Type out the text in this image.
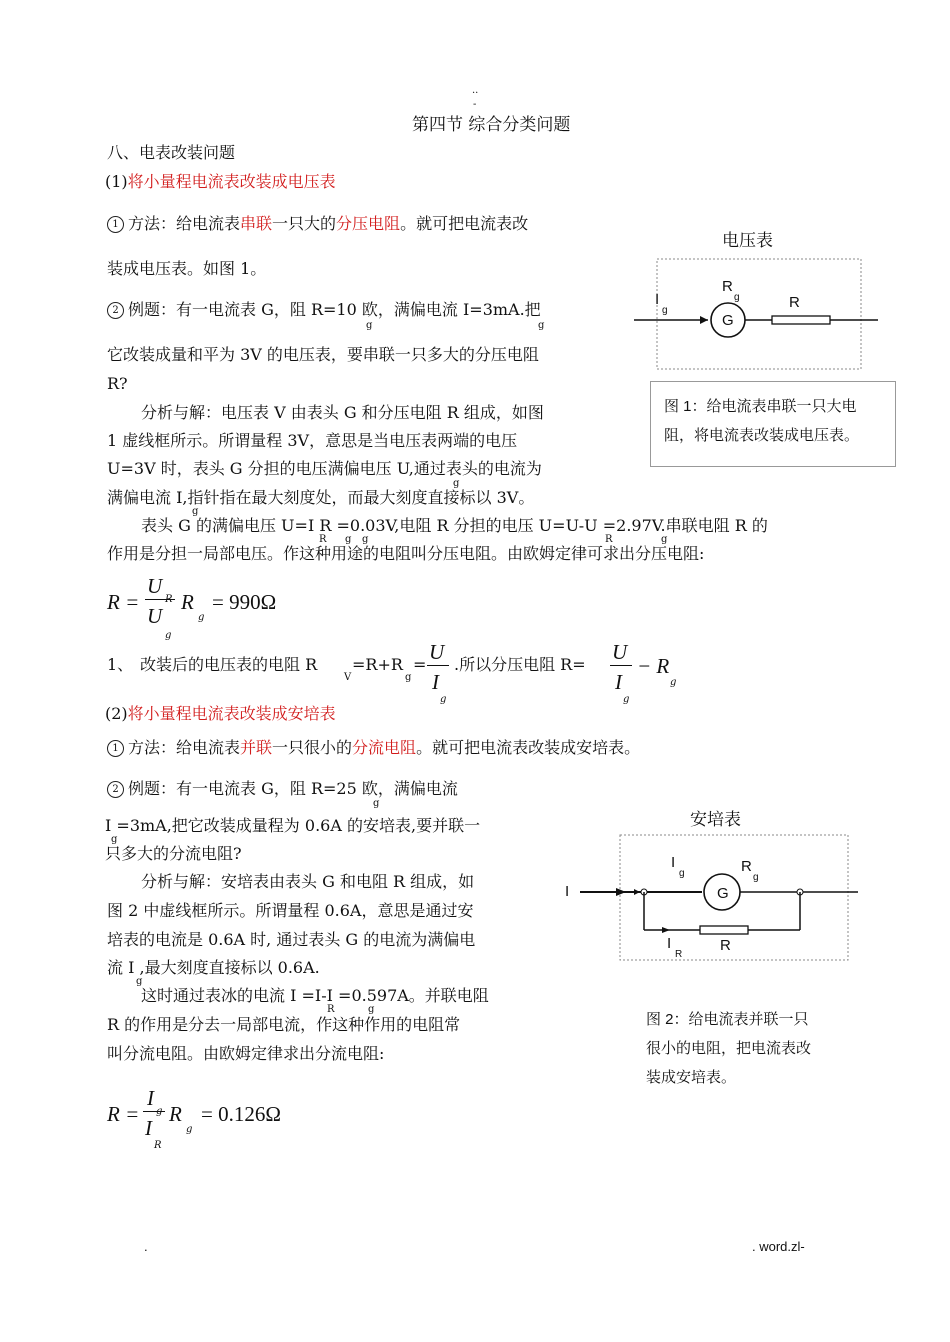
..
-
第四节 综合分类问题
八、电表改装问题
(1)将小量程电流表改装成电压表
1 方法：给电流表串联一只大的分压电阻。就可把电流表改
装成电压表。如图 1。
2 例题：有一电流表 G，阻 R=10 欧，满偏电流 I=3mA.把
g	g
它改装成量和平为 3V 的电压表，要串联一只多大的分压电阻
R?
分析与解：电压表 V 由表头 G 和分压电阻 R 组成，如图
1 虚线框所示。所谓量程 3V，意思是当电压表两端的电压
U=3V 时，表头 G 分担的电压满偏电压 U,通过表头的电流为
g
满偏电流 I,指针指在最大刻度处，而最大刻度直接标以 3V。
g
表头 G 的满偏电压 U=I R =0.03V,电阻 R 分担的电压 U=U-U =2.97V.串联电阻 R 的
R g g	R	g
作用是分担一局部电压。作这种用途的电阻叫分压电阻。由欧姆定律可求出分压电阻:
R =
U
R
U
g
R
g
= 990Ω
1、 改装后的电压表的电阻 R
V
=R+R
g
=
U
I
g
.所以分压电阻 R=
U
I
g
− R
g
(2)将小量程电流表改装成安培表
1 方法：给电流表并联一只很小的分流电阻。就可把电流表改装成安培表。
2 例题：有一电流表 G，阻 R=25 欧，满偏电流
g
I =3mA,把它改装成量程为 0.6A 的安培表,要并联一
g
只多大的分流电阻?
分析与解：安培表由表头 G 和电阻 R 组成，如
图 2 中虚线框所示。所谓量程 0.6A，意思是通过安
培表的电流是 0.6A 时, 通过表头 G 的电流为满偏电
流 I ,最大刻度直接标以 0.6A.
g
这时通过表冰的电流 I =I-I =0.597A。并联电阻
R	g
R 的作用是分去一局部电流，作这种作用的电阻常
叫分流电阻。由欧姆定律求出分流电阻:
R =
I
g
I
R
R
g
= 0.126Ω
电压表
I
g
R
g
G
R
图 1：给电流表串联一只大电阻，将电流表改装成电压表。
安培表
I
I
g	R
g
G
I
R
R
图 2：给电流表并联一只很小的电阻，把电流表改装成安培表。
.	. word.zl-
